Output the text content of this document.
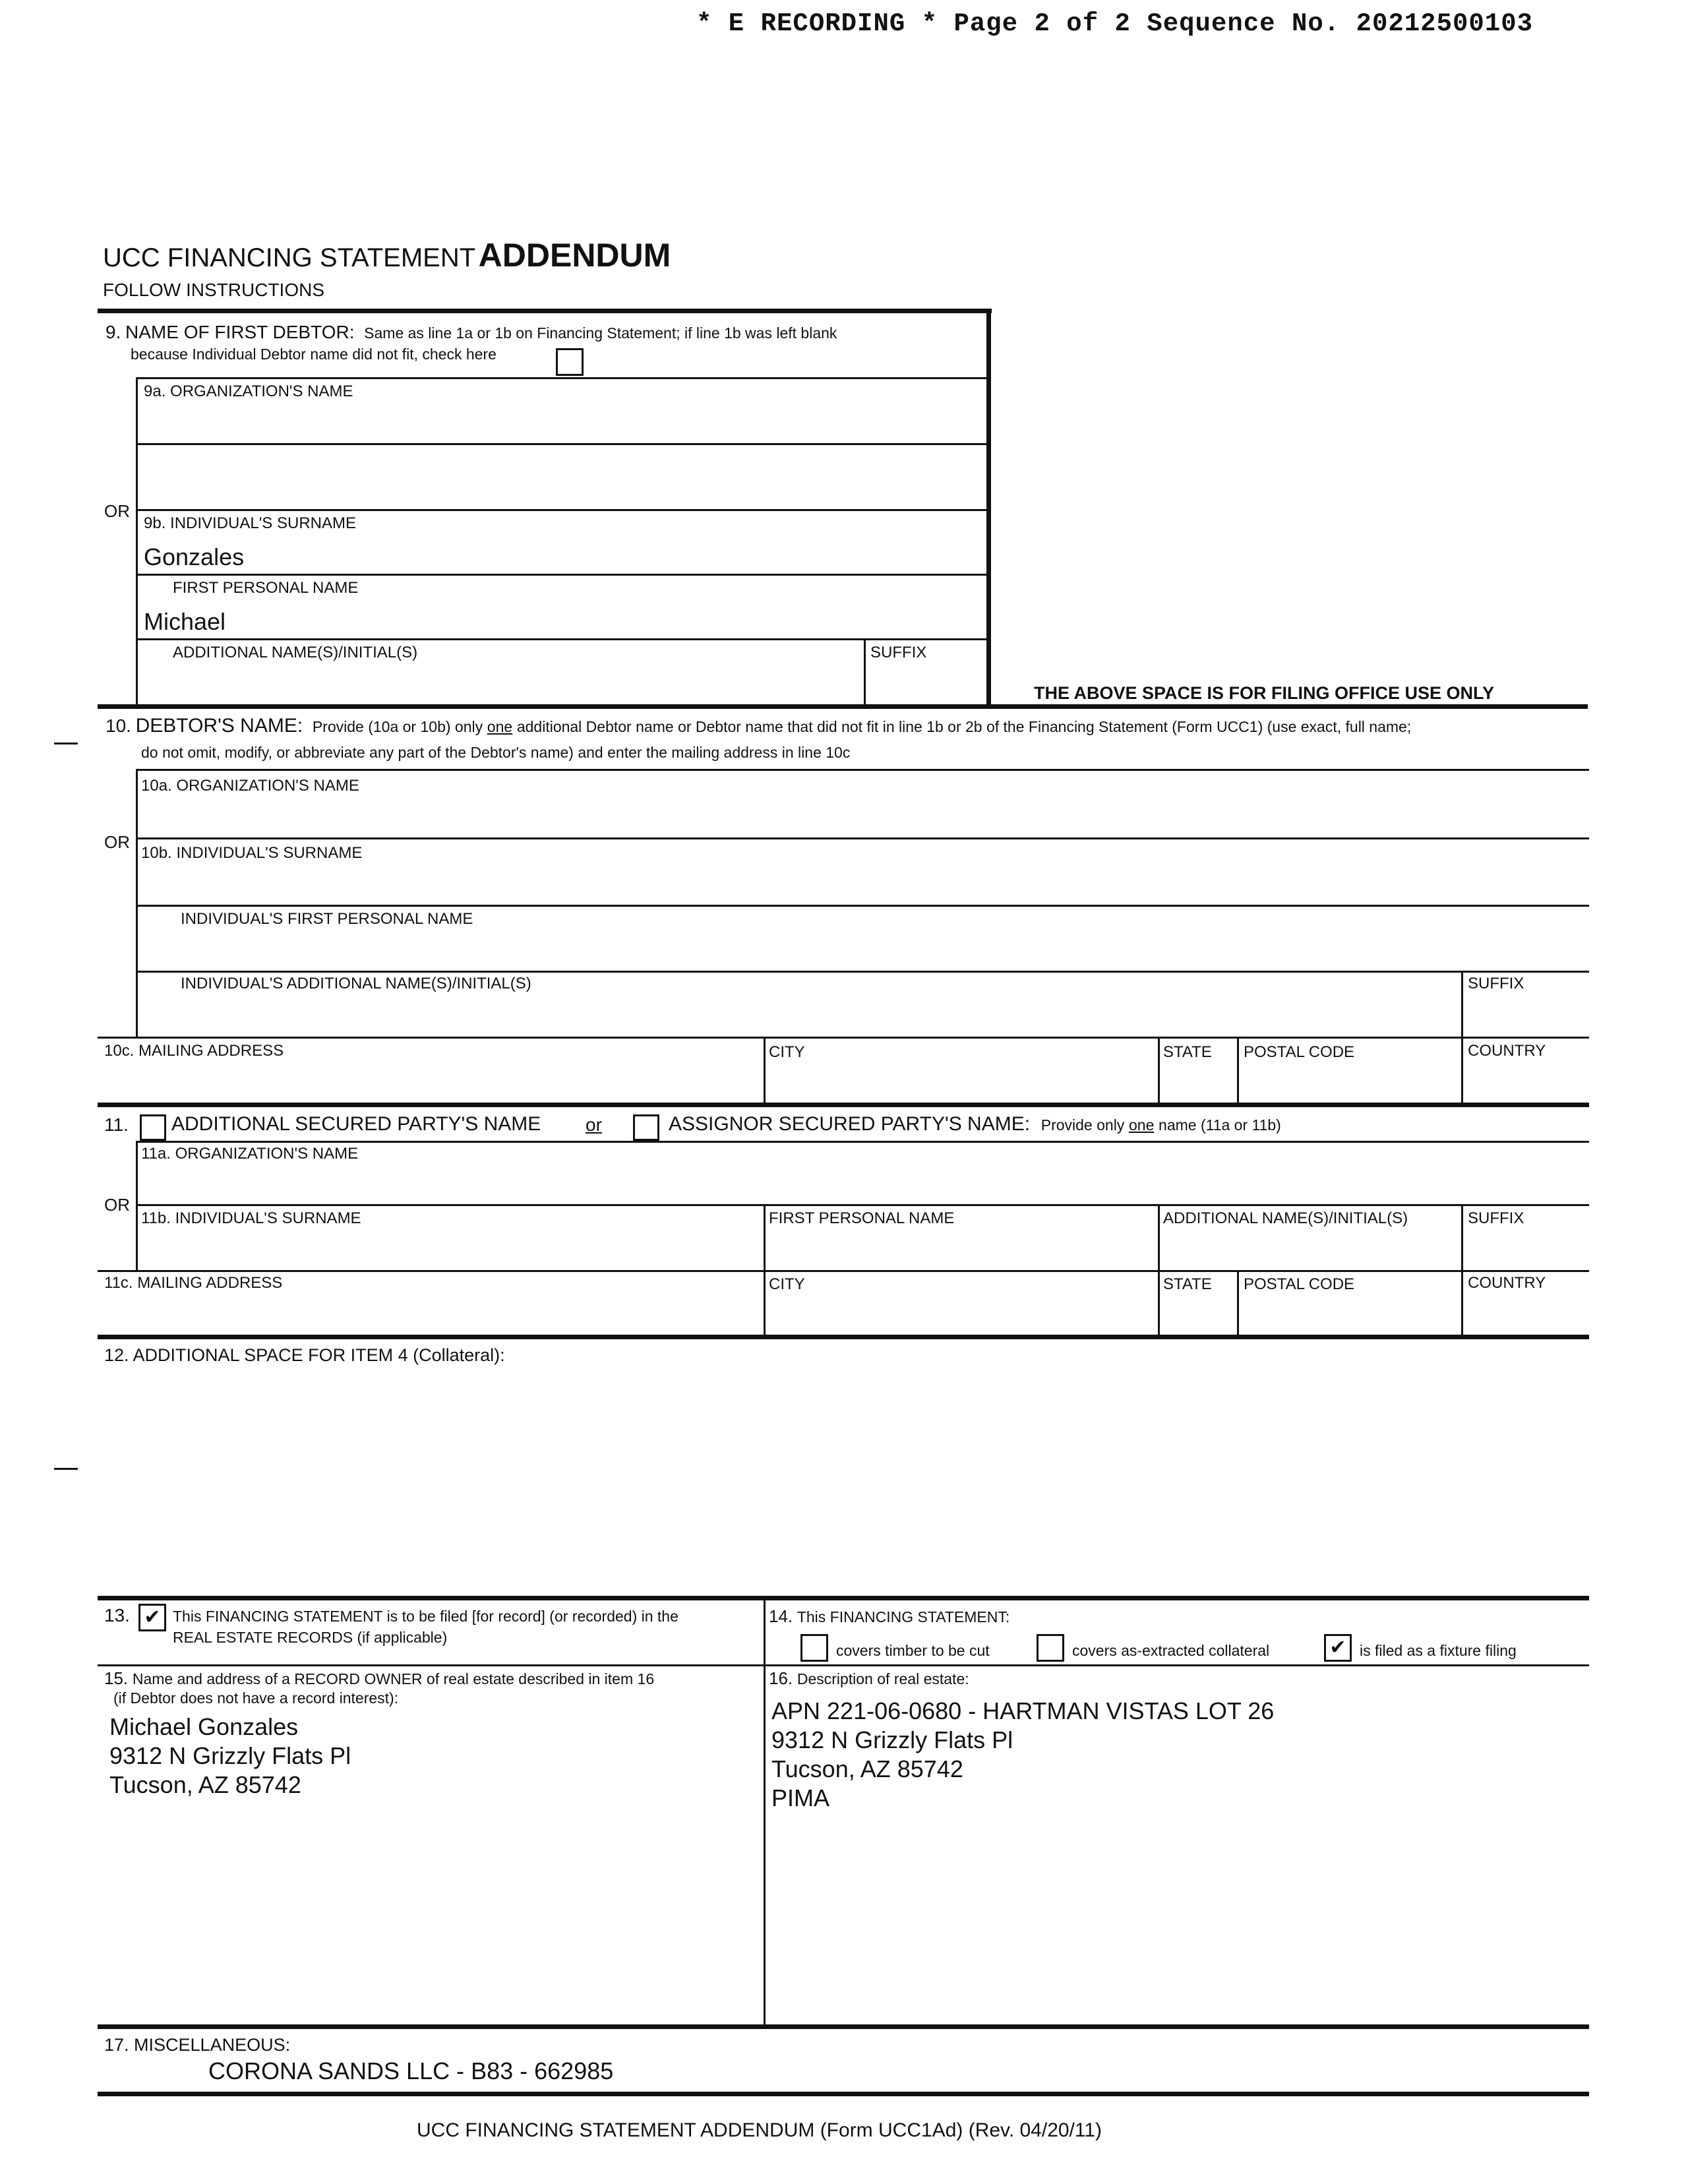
* E RECORDING * Page 2 of 2 Sequence No. 20212500103
UCC FINANCING STATEMENT ADDENDUM
FOLLOW INSTRUCTIONS
9. NAME OF FIRST DEBTOR: Same as line 1a or 1b on Financing Statement; if line 1b was left blank
because Individual Debtor name did not fit, check here
9a. ORGANIZATION'S NAME
OR
9b. INDIVIDUAL'S SURNAME
Gonzales
FIRST PERSONAL NAME
Michael
ADDITIONAL NAME(S)/INITIAL(S)	SUFFIX
THE ABOVE SPACE IS FOR FILING OFFICE USE ONLY
10. DEBTOR'S NAME: Provide (10a or 10b) only one additional Debtor name or Debtor name that did not fit in line 1b or 2b of the Financing Statement (Form UCC1) (use exact, full name;
do not omit, modify, or abbreviate any part of the Debtor's name) and enter the mailing address in line 10c
10a. ORGANIZATION'S NAME
OR
10b. INDIVIDUAL'S SURNAME
INDIVIDUAL'S FIRST PERSONAL NAME
INDIVIDUAL'S ADDITIONAL NAME(S)/INITIAL(S)	SUFFIX
10c. MAILING ADDRESS	CITY	STATE POSTAL CODE	COUNTRY
11. ADDITIONAL SECURED PARTY'S NAME or	ASSIGNOR SECURED PARTY'S NAME: Provide only one name (11a or 11b)
11a. ORGANIZATION'S NAME
OR
11b. INDIVIDUAL'S SURNAME	FIRST PERSONAL NAME	ADDITIONAL NAME(S)/INITIAL(S)	SUFFIX
11c. MAILING ADDRESS	CITY	STATE POSTAL CODE	COUNTRY
12. ADDITIONAL SPACE FOR ITEM 4 (Collateral):
13. ✔ This FINANCING STATEMENT is to be filed [for record] (or recorded) in the
REAL ESTATE RECORDS (if applicable)
14. This FINANCING STATEMENT:
covers timber to be cut	covers as-extracted collateral	✔ is filed as a fixture filing
15. Name and address of a RECORD OWNER of real estate described in item 16
(if Debtor does not have a record interest):
Michael Gonzales
9312 N Grizzly Flats Pl
Tucson, AZ 85742
16. Description of real estate:
APN 221-06-0680 - HARTMAN VISTAS LOT 26
9312 N Grizzly Flats Pl
Tucson, AZ 85742
PIMA
17. MISCELLANEOUS:
CORONA SANDS LLC - B83 - 662985
UCC FINANCING STATEMENT ADDENDUM (Form UCC1Ad) (Rev. 04/20/11)
